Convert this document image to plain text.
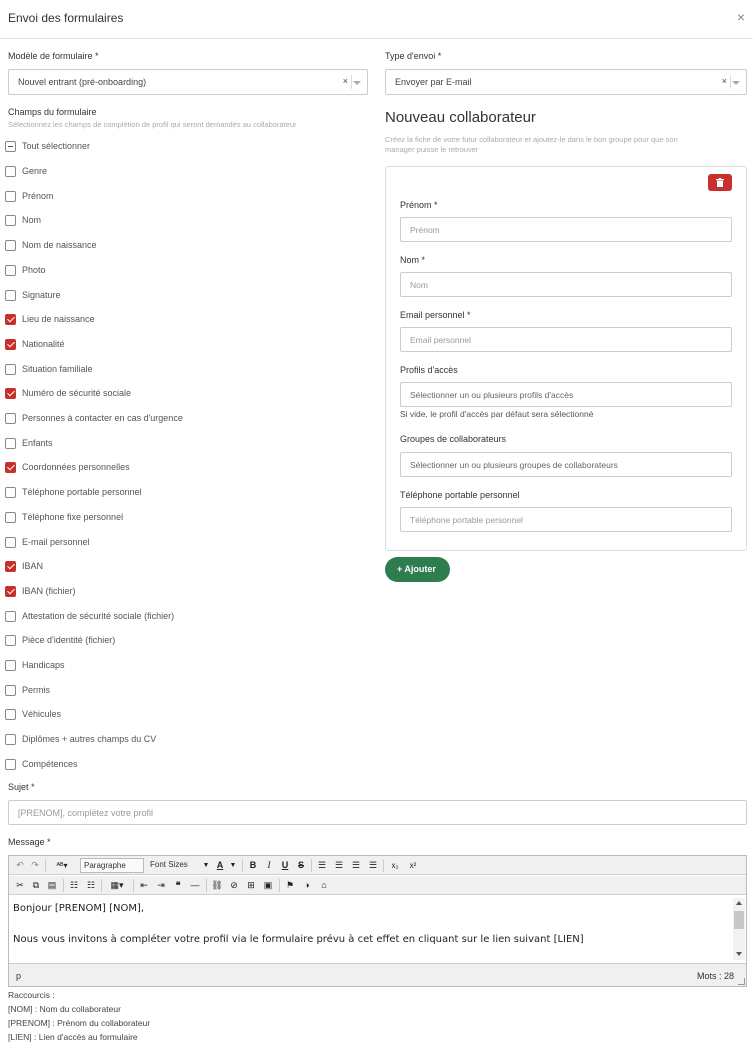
Envoi des formulaires	×
Modèle de formulaire *
Nouvel entrant (pré-onboarding)	×
Type d'envoi *
Envoyer par E-mail	×
Champs du formulaire
Sélectionnez les champs de complétion de profil qui seront demandés au collaborateur
Tout sélectionner
Genre
Prénom
Nom
Nom de naissance
Photo
Signature
Lieu de naissance
Nationalité
Situation familiale
Numéro de sécurité sociale
Personnes à contacter en cas d'urgence
Enfants
Coordonnées personnelles
Téléphone portable personnel
Téléphone fixe personnel
E-mail personnel
IBAN
IBAN (fichier)
Attestation de sécurité sociale (fichier)
Pièce d'identité (fichier)
Handicaps
Permis
Véhicules
Diplômes + autres champs du CV
Compétences
Nouveau collaborateur
Créez la fiche de votre futur collaborateur et ajoutez-le dans le bon groupe pour que son
manager puisse le retrouver
Prénom *
Prénom
Nom *
Nom
Email personnel *
Email personnel
Profils d'accès
Sélectionner un ou plusieurs profils d'accès
Si vide, le profil d'accès par défaut sera sélectionné
Groupes de collaborateurs
Sélectionner un ou plusieurs groupes de collaborateurs
Téléphone portable personnel
Téléphone portable personnel
+ Ajouter
Sujet *
[PRENOM], complétez votre profil
Message *
↶ ↷	ᴬᴮ▾	Paragraphe	Font Sizes	▼ A ▼	B	I	U	S	☰ ☰ ☰ ☰	x₂	x²
✂	⧉ ▤	☷ ☷	▦▾	⇤	⇥	❝	— ⛓ ⊘	⊞ ▣	⚑	◑	⌂
Bonjour [PRENOM] [NOM],
Nous vous invitons à compléter votre profil via le formulaire prévu à cet effet en cliquant sur le lien suivant [LIEN]
p	Mots : 28
Raccourcis :
[NOM] : Nom du collaborateur
[PRENOM] : Prénom du collaborateur
[LIEN] : Lien d'accès au formulaire
